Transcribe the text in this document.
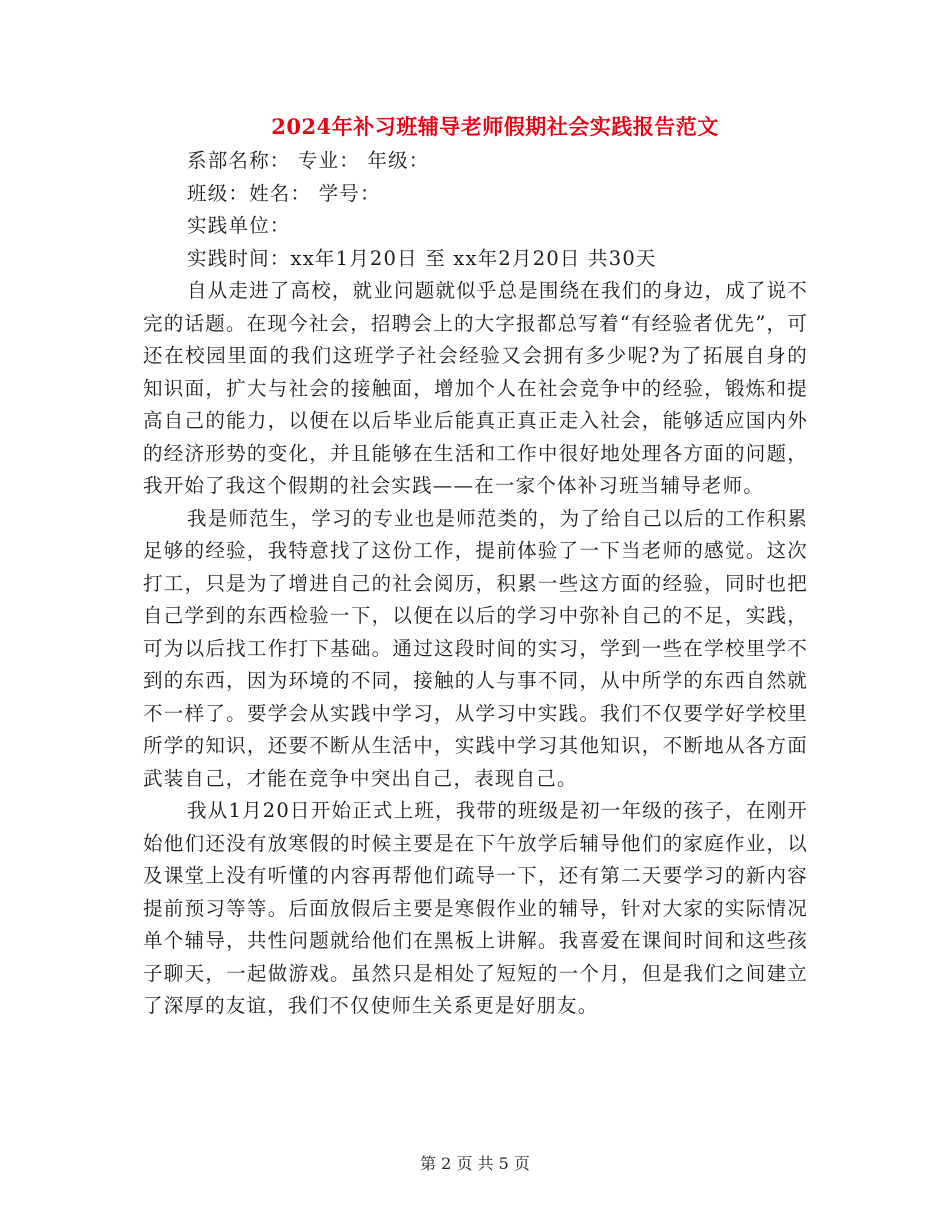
2024年补习班辅导老师假期社会实践报告范文

系部名称： 专业： 年级：

班级：姓名： 学号：

实践单位：

实践时间：xx年1月20日 至 xx年2月20日 共30天

自从走进了高校，就业问题就似乎总是围绕在我们的身边，成了说不完的话题。在现今社会，招聘会上的大字报都总写着“有经验者优先”，可还在校园里面的我们这班学子社会经验又会拥有多少呢?为了拓展自身的知识面，扩大与社会的接触面，增加个人在社会竞争中的经验，锻炼和提高自己的能力，以便在以后毕业后能真正真正走入社会，能够适应国内外的经济形势的变化，并且能够在生活和工作中很好地处理各方面的问题，我开始了我这个假期的社会实践——在一家个体补习班当辅导老师。

我是师范生，学习的专业也是师范类的，为了给自己以后的工作积累足够的经验，我特意找了这份工作，提前体验了一下当老师的感觉。这次打工，只是为了增进自己的社会阅历，积累一些这方面的经验，同时也把自己学到的东西检验一下，以便在以后的学习中弥补自己的不足，实践，可为以后找工作打下基础。通过这段时间的实习，学到一些在学校里学不到的东西，因为环境的不同，接触的人与事不同，从中所学的东西自然就不一样了。要学会从实践中学习，从学习中实践。我们不仅要学好学校里所学的知识，还要不断从生活中，实践中学习其他知识，不断地从各方面武装自己，才能在竞争中突出自己，表现自己。

我从1月20日开始正式上班，我带的班级是初一年级的孩子，在刚开始他们还没有放寒假的时候主要是在下午放学后辅导他们的家庭作业，以及课堂上没有听懂的内容再帮他们疏导一下，还有第二天要学习的新内容提前预习等等。后面放假后主要是寒假作业的辅导，针对大家的实际情况单个辅导，共性问题就给他们在黑板上讲解。我喜爱在课间时间和这些孩子聊天，一起做游戏。虽然只是相处了短短的一个月，但是我们之间建立了深厚的友谊，我们不仅使师生关系更是好朋友。

第 2 页 共 5 页
